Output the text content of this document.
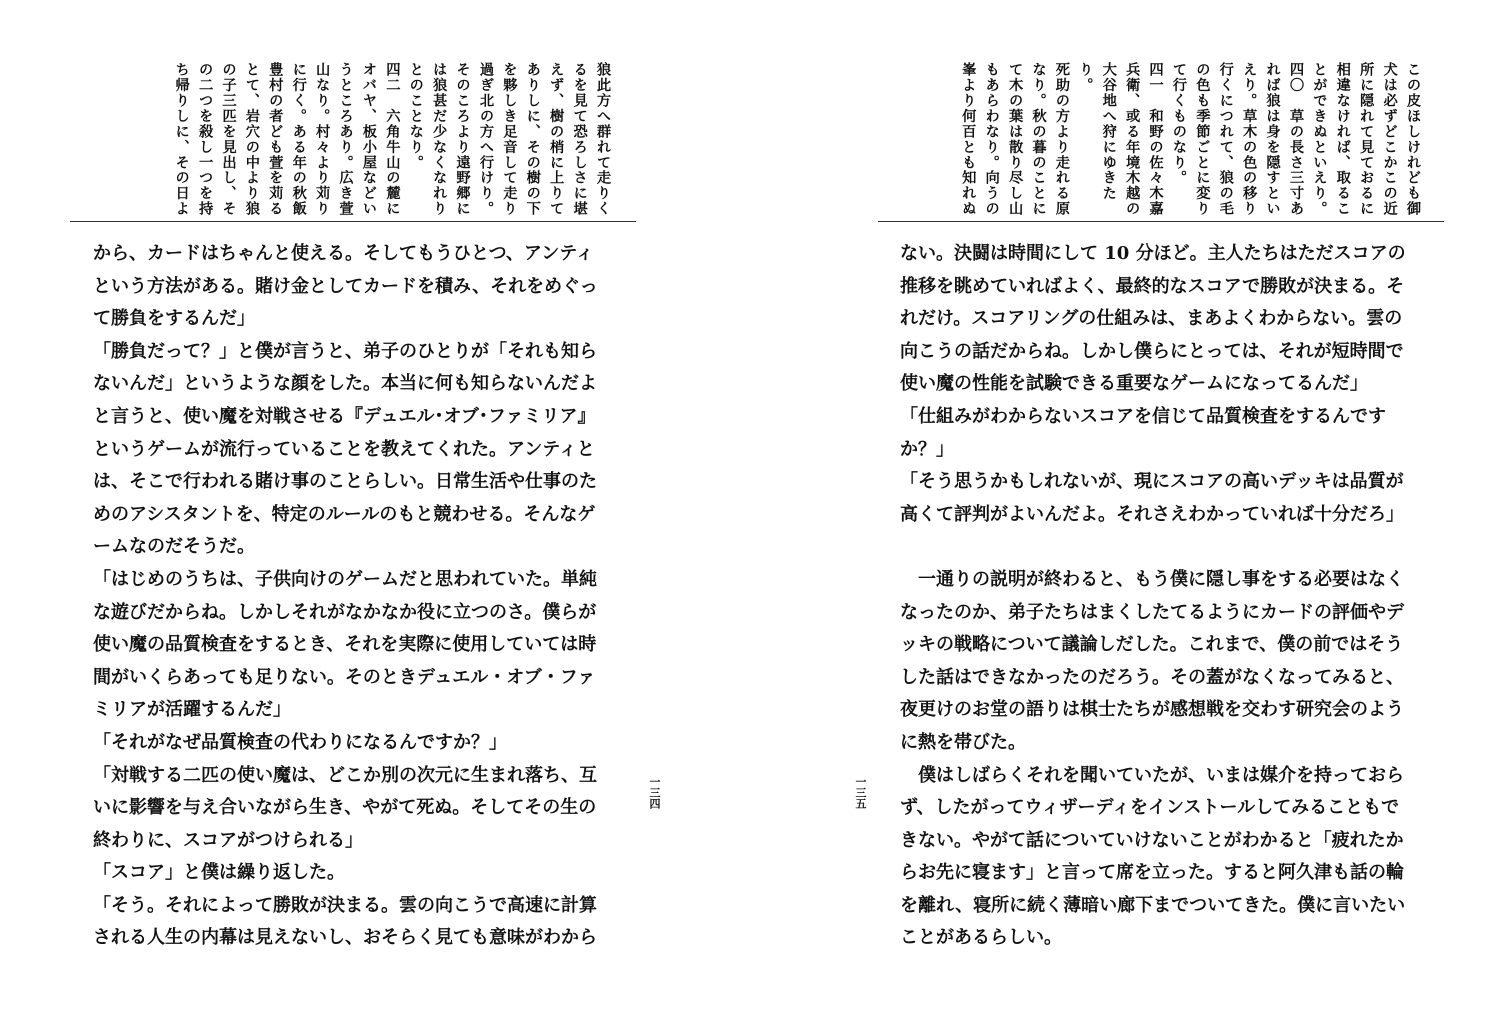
狼此方へ群れて走りく

るを見て恐ろしさに堪

えず、樹の梢に上りて

ありしに、その樹の下

を夥しき足音して走り

過ぎ北の方へ行けり。

そのころより遠野郷に

は狼甚だ少なくなれり

とのことなり。

四二　六角牛山の麓に

オバヤ、板小屋などい

うところあり。広き萱

山なり。村々より苅り

に行く。ある年の秋飯

豊村の者ども萱を苅る

とて、岩穴の中より狼

の子三匹を見出し、そ

の二つを殺し一つを持

ち帰りしに、その日よ

から、カードはちゃんと使える。そしてもうひとつ、アンティ

という方法がある。賭け金としてカードを積み、それをめぐっ

て勝負をするんだ」

「勝負だって？」と僕が言うと、弟子のひとりが「それも知ら

ないんだ」というような顔をした。本当に何も知らないんだよ

と言うと、使い魔を対戦させる『デュエル･オブ･ファミリア』

というゲームが流行っていることを教えてくれた。アンティと

は、そこで行われる賭け事のことらしい。日常生活や仕事のた

めのアシスタントを、特定のルールのもと競わせる。そんなゲ

ームなのだそうだ。

「はじめのうちは、子供向けのゲームだと思われていた。単純

な遊びだからね。しかしそれがなかなか役に立つのさ。僕らが

使い魔の品質検査をするとき、それを実際に使用していては時

間がいくらあっても足りない。そのときデュエル・オブ・ファ

ミリアが活躍するんだ」

「それがなぜ品質検査の代わりになるんですか？」

「対戦する二匹の使い魔は、どこか別の次元に生まれ落ち、互

いに影響を与え合いながら生き、やがて死ぬ。そしてその生の

終わりに、スコアがつけられる」

「スコア」と僕は繰り返した。

「そう。それによって勝敗が決まる。雲の向こうで高速に計算

される人生の内幕は見えないし、おそらく見ても意味がわから

一三四

この皮ほしけれども御

犬は必ずどこかこの近

所に隠れて見ておるに

相違なければ、取るこ

とができぬといえり。

四〇　草の長さ三寸あ

れば狼は身を隠すとい

えり。草木の色の移り

行くにつれて、狼の毛

の色も季節ごとに変り

て行くものなり。

四一　和野の佐々木嘉

兵衛、或る年境木越の

大谷地へ狩にゆきたり。

死助の方より走れる原

なり。秋の暮のことに

て木の葉は散り尽し山

もあらわなり。向うの

峯より何百とも知れぬ

ない。決闘は時間にして 10 分ほど。主人たちはただスコアの

推移を眺めていればよく、最終的なスコアで勝敗が決まる。そ

れだけ。スコアリングの仕組みは、まあよくわからない。雲の

向こうの話だからね。しかし僕らにとっては、それが短時間で

使い魔の性能を試験できる重要なゲームになってるんだ」

「仕組みがわからないスコアを信じて品質検査をするんです

か？」

「そう思うかもしれないが、現にスコアの高いデッキは品質が

高くて評判がよいんだよ。それさえわかっていれば十分だろ」

　一通りの説明が終わると、もう僕に隠し事をする必要はなく

なったのか、弟子たちはまくしたてるようにカードの評価やデ

ッキの戦略について議論しだした。これまで、僕の前ではそう

した話はできなかったのだろう。その蓋がなくなってみると、

夜更けのお堂の語りは棋士たちが感想戦を交わす研究会のよう

に熱を帯びた。

　僕はしばらくそれを聞いていたが、いまは媒介を持っておら

ず、したがってウィザーディをインストールしてみることもで

きない。やがて話についていけないことがわかると「疲れたか

らお先に寝ます」と言って席を立った。すると阿久津も話の輪

を離れ、寝所に続く薄暗い廊下までついてきた。僕に言いたい

ことがあるらしい。

一三五
